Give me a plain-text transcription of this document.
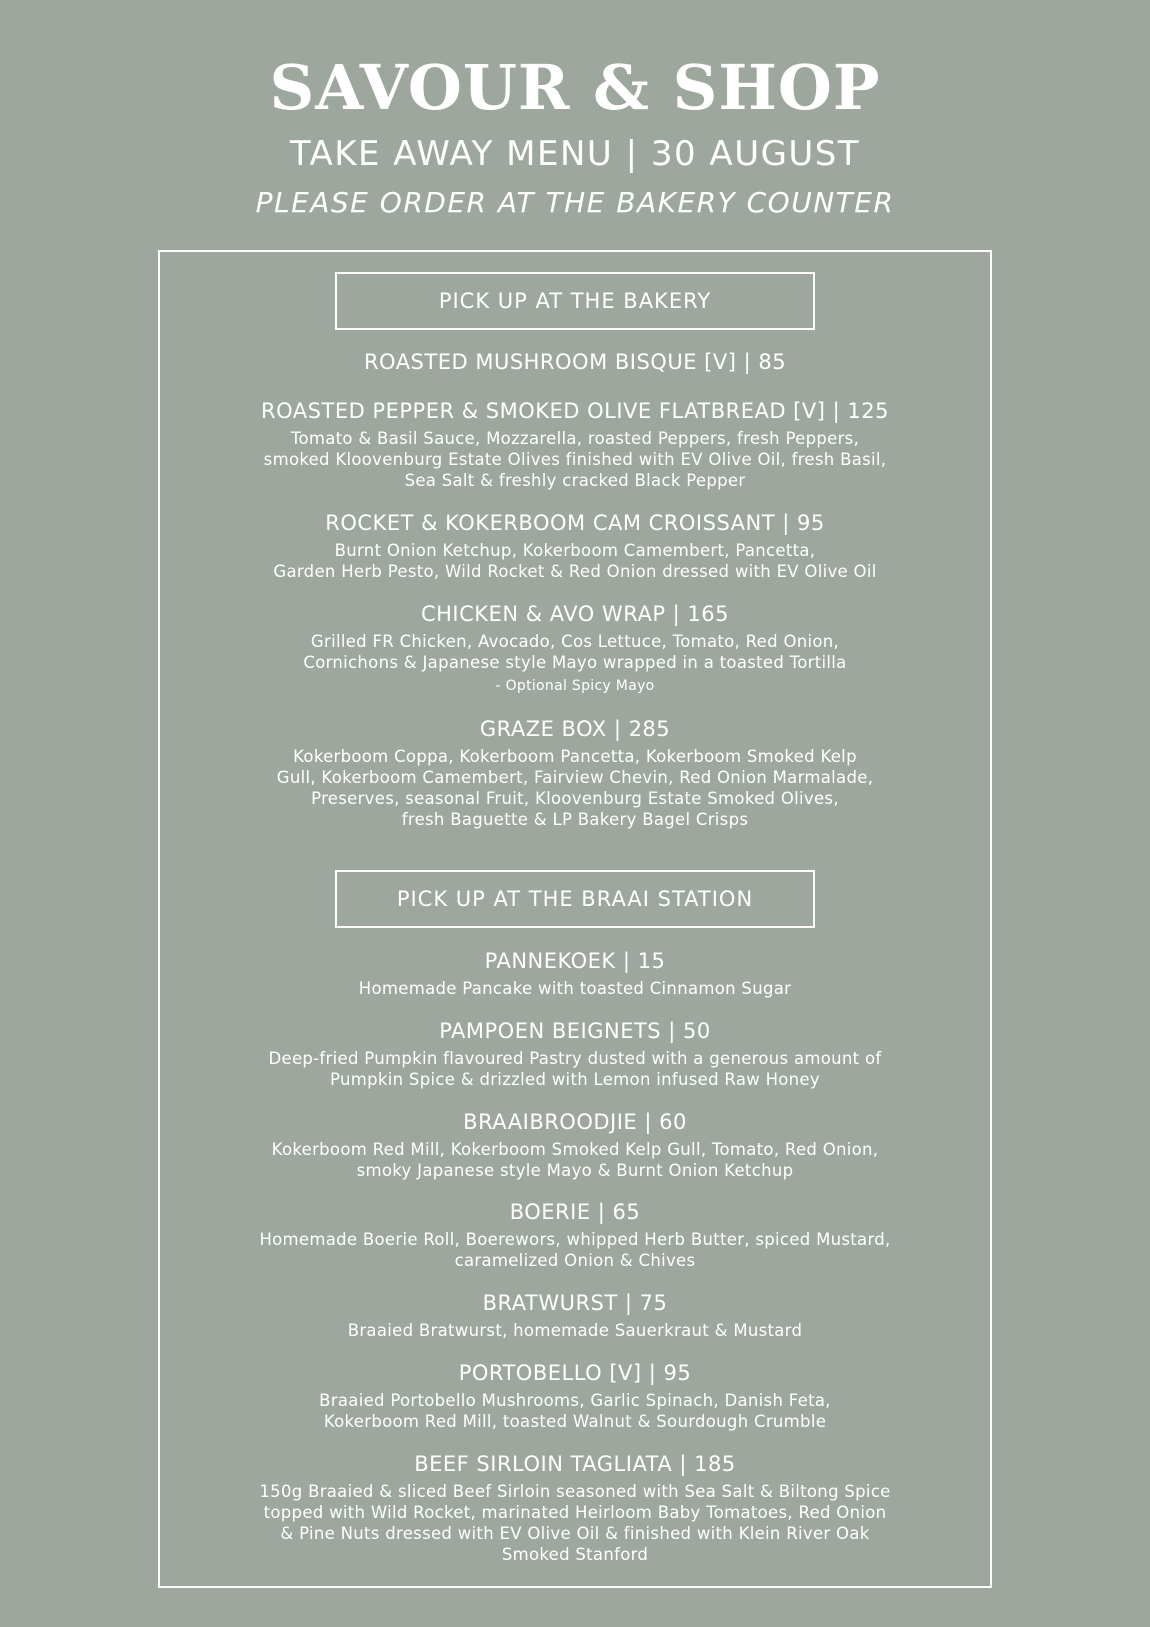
SAVOUR & SHOP
TAKE AWAY MENU | 30 AUGUST
PLEASE ORDER AT THE BAKERY COUNTER
PICK UP AT THE BAKERY
ROASTED MUSHROOM BISQUE [V] | 85
ROASTED PEPPER & SMOKED OLIVE FLATBREAD [V] | 125
Tomato & Basil Sauce, Mozzarella, roasted Peppers, fresh Peppers,
smoked Kloovenburg Estate Olives finished with EV Olive Oil, fresh Basil,
Sea Salt & freshly cracked Black Pepper
ROCKET & KOKERBOOM CAM CROISSANT | 95
Burnt Onion Ketchup, Kokerboom Camembert, Pancetta,
Garden Herb Pesto, Wild Rocket & Red Onion dressed with EV Olive Oil
CHICKEN & AVO WRAP | 165
Grilled FR Chicken, Avocado, Cos Lettuce, Tomato, Red Onion,
Cornichons & Japanese style Mayo wrapped in a toasted Tortilla
- Optional Spicy Mayo
GRAZE BOX | 285
Kokerboom Coppa, Kokerboom Pancetta, Kokerboom Smoked Kelp
Gull, Kokerboom Camembert, Fairview Chevin, Red Onion Marmalade,
Preserves, seasonal Fruit, Kloovenburg Estate Smoked Olives,
fresh Baguette & LP Bakery Bagel Crisps
PICK UP AT THE BRAAI STATION
PANNEKOEK | 15
Homemade Pancake with toasted Cinnamon Sugar
PAMPOEN BEIGNETS | 50
Deep-fried Pumpkin flavoured Pastry dusted with a generous amount of
Pumpkin Spice & drizzled with Lemon infused Raw Honey
BRAAIBROODJIE | 60
Kokerboom Red Mill, Kokerboom Smoked Kelp Gull, Tomato, Red Onion,
smoky Japanese style Mayo & Burnt Onion Ketchup
BOERIE | 65
Homemade Boerie Roll, Boerewors, whipped Herb Butter, spiced Mustard,
caramelized Onion & Chives
BRATWURST | 75
Braaied Bratwurst, homemade Sauerkraut & Mustard
PORTOBELLO [V] | 95
Braaied Portobello Mushrooms, Garlic Spinach, Danish Feta,
Kokerboom Red Mill, toasted Walnut & Sourdough Crumble
BEEF SIRLOIN TAGLIATA | 185
150g Braaied & sliced Beef Sirloin seasoned with Sea Salt & Biltong Spice
topped with Wild Rocket, marinated Heirloom Baby Tomatoes, Red Onion
& Pine Nuts dressed with EV Olive Oil & finished with Klein River Oak
Smoked Stanford
